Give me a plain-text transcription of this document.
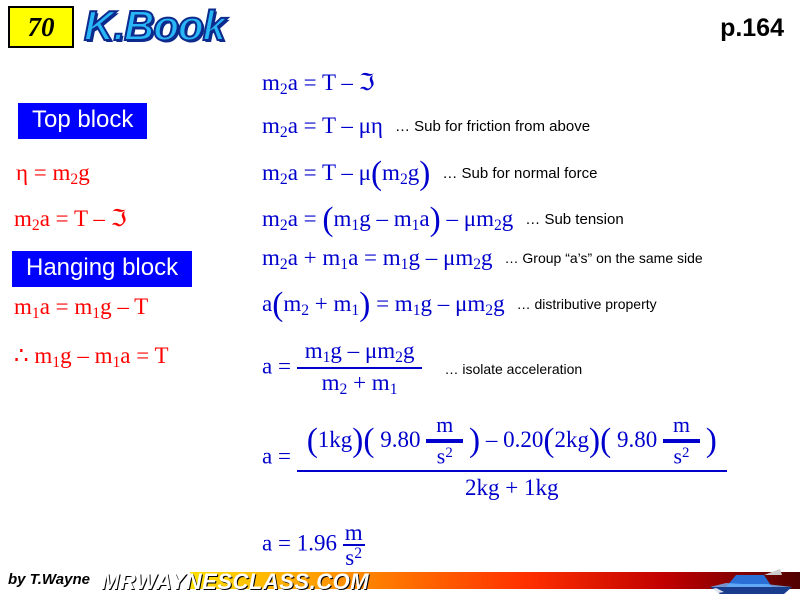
70 K.Book	p.164
Top block
$\eta = m_2g$
$m_2a = T$ – ℑ
Hanging block
$m_1a = m_1g - T$
∴ $m_1g - m_1a = T$
$m_2a = T$ – ℑ
$m_2a = T - \mu\eta$ … Sub for friction from above
$m_2a = T - \mu(m_2g)$ … Sub for normal force
$m_2a = (m_1g - m_1a) - \mu m_2g$ … Sub tension
$m_2a + m_1a = m_1g - \mu m_2g$ … Group “a’s” on the same side
$a(m_2 + m_1) = m_1g - \mu m_2g$ … distributive property
$a = \frac{m_1g - \mu m_2g}{m_2 + m_1}$ … isolate acceleration
$a = \frac{(1kg)( 9.80 \frac{m}{s^2} ) - 0.20(2kg)( 9.80 \frac{m}{s^2} )}{2kg + 1kg}$
$a = 1.96 \frac{m}{s^2}$
by T.Wayne MRWAYNESCLASS.COM
